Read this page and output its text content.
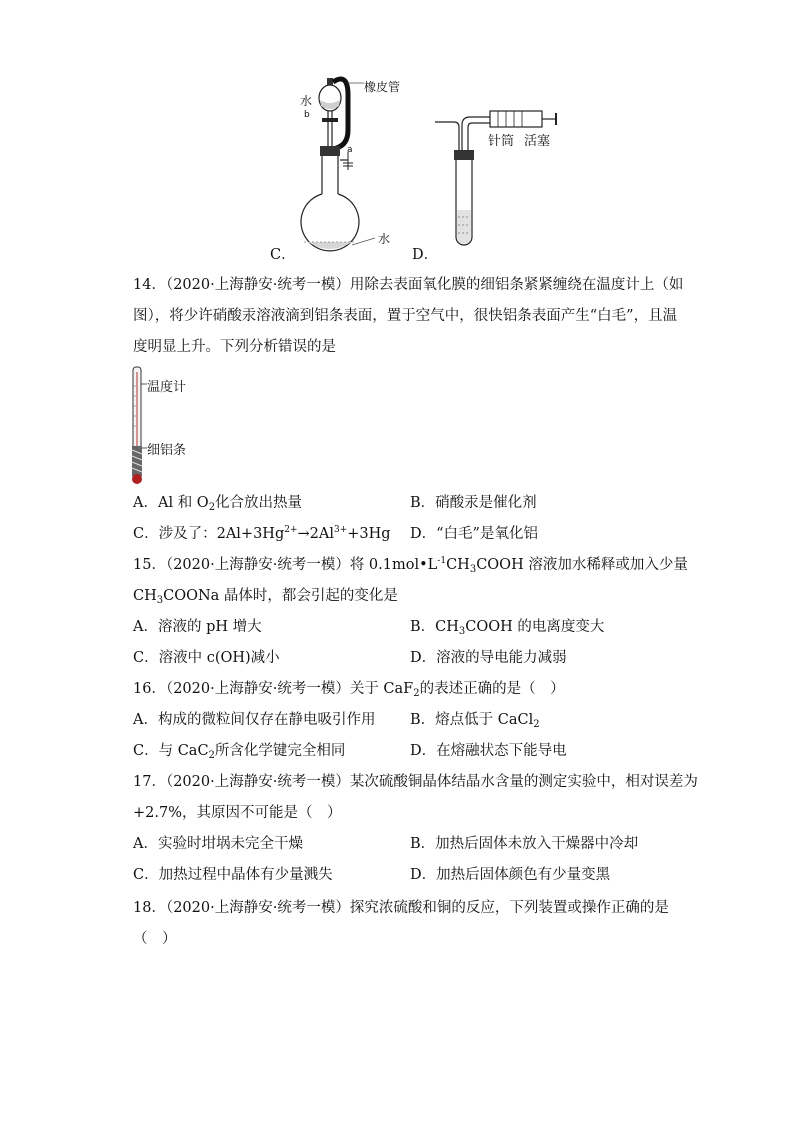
橡皮管
水
b
a
水
C．
针筒 活塞
D．
14．（2020·上海静安·统考一模）用除去表面氧化膜的细铝条紧紧缠绕在温度计上（如
图），将少许硝酸汞溶液滴到铝条表面，置于空气中，很快铝条表面产生“白毛”，且温
度明显上升。下列分析错误的是
温度计
细铝条
A．Al 和 $O_2$化合放出热量	B．硝酸汞是催化剂
C．涉及了：$2Al+3Hg^{2+}\to 2Al^{3+}+3Hg$ D．“白毛”是氧化铝
15．（2020·上海静安·统考一模）将 $0.1mol•L^{-1}CH_3COOH$ 溶液加水稀释或加入少量
$CH_3COONa$ 晶体时，都会引起的变化是
A．溶液的 pH 增大	B．$CH_3COOH$ 的电离度变大
C．溶液中 c(OH)减小	D．溶液的导电能力减弱
16．（2020·上海静安·统考一模）关于 CaF$_2$的表述正确的是（　）
A．构成的微粒间仅存在静电吸引作用 B．熔点低于 CaCl$_2$
C．与 CaC$_2$所含化学键完全相同	D．在熔融状态下能导电
17．（2020·上海静安·统考一模）某次硫酸铜晶体结晶水含量的测定实验中，相对误差为
+2.7%，其原因不可能是（　）
A．实验时坩埚未完全干燥	B．加热后固体未放入干燥器中冷却
C．加热过程中晶体有少量溅失	D．加热后固体颜色有少量变黑
18．（2020·上海静安·统考一模）探究浓硫酸和铜的反应，下列装置或操作正确的是
（　）
